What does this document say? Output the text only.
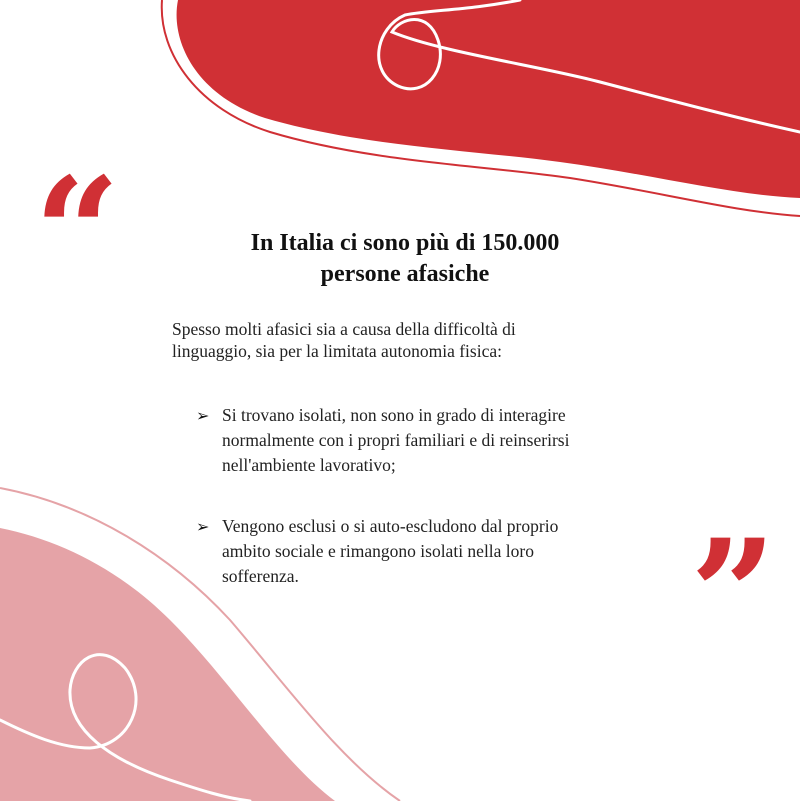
“
”
In Italia ci sono più di 150.000
persone afasiche

Spesso molti afasici sia a causa della difficoltà di
linguaggio, sia per la limitata autonomia fisica:

➢ Si trovano isolati, non sono in grado di interagire
normalmente con i propri familiari e di reinserirsi
nell'ambiente lavorativo;
➢ Vengono esclusi o si auto-escludono dal proprio
ambito sociale e rimangono isolati nella loro
sofferenza.
